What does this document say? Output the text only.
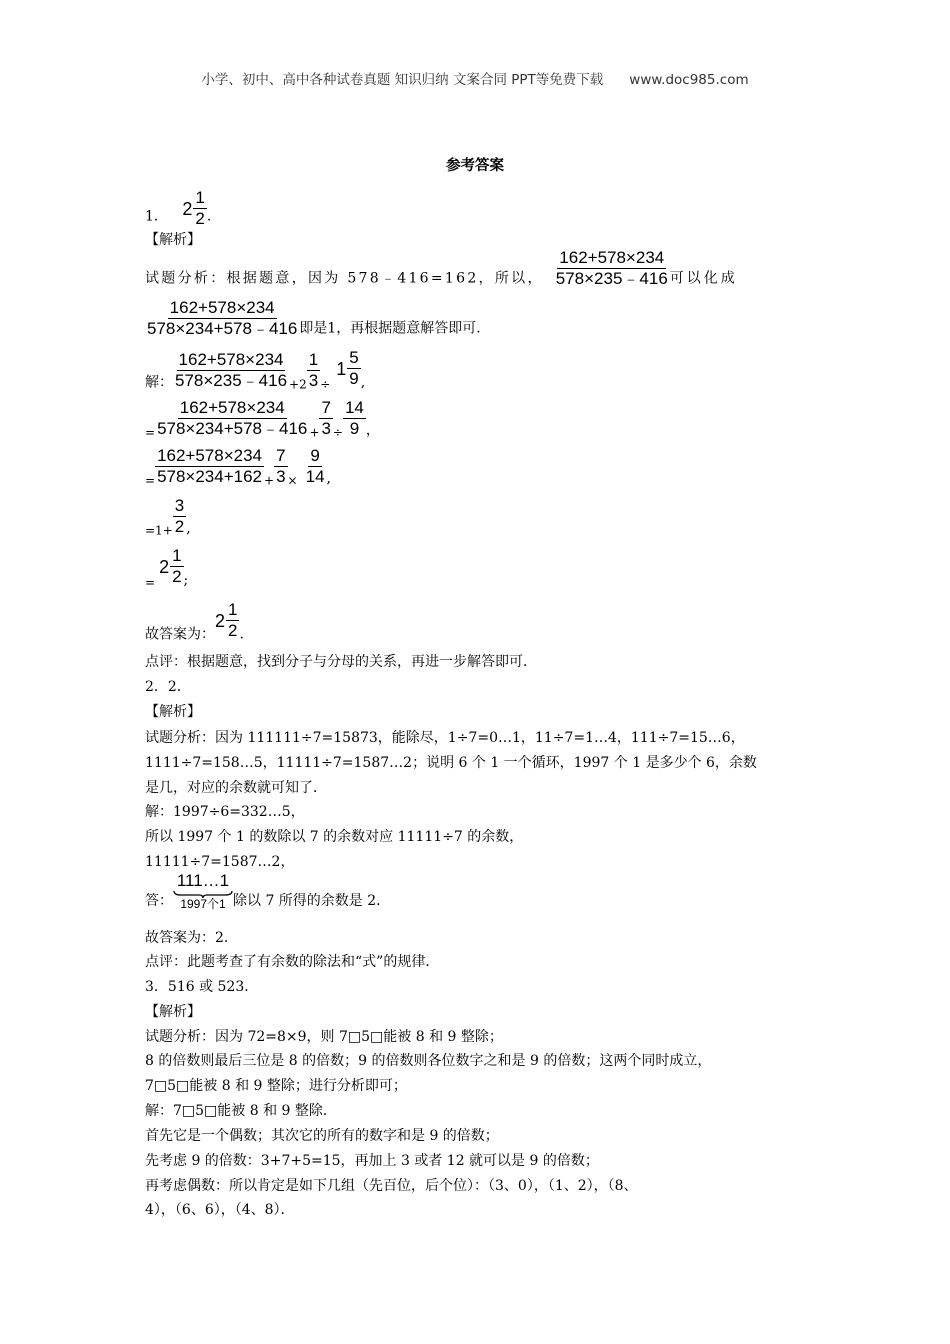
小学、初中、高中各种试卷真题 知识归纳 文案合同 PPT等免费下载 www.doc985.com
参考答案
1． $2 \frac{1}{2}$ .
【解析】
试题分析：根据题意，因为 578﹣416=162，所以， $\frac{162+578\times 234}{578\times 235﹣416}$ 可以化成
$\frac{162+578\times 234}{578\times 234+578﹣416}$ 即是1，再根据题意解答即可．
解： $\frac{162+578\times 234}{578\times 235﹣416} +2 \frac{1}{3}$ ÷
$1 \frac{5}{9}$ ,
= $\frac{162+578\times 234}{578\times 234+578﹣416} + \frac{7}{3} \div \frac{14}{9}$ ，
= $\frac{162+578\times 234}{578\times 234+162} + \frac{7}{3} \times \frac{9}{14}$ ,
$=1+ \frac{3}{2}$ ,
=
$2 \frac{1}{2}$ ;
故答案为：
$2 \frac{1}{2}$ .
点评：根据题意，找到分子与分母的关系，再进一步解答即可．
2．2．
【解析】
试题分析：因为 111111÷7=15873，能除尽，1÷7=0…1，11÷7=1…4，111÷7=15…6，
1111÷7=158…5，11111÷7=1587…2；说明 6 个 1 一个循环，1997 个 1 是多少个 6，余数
是几，对应的余数就可知了．
解：1997÷6=332…5，
所以 1997 个 1 的数除以 7 的余数对应 11111÷7 的余数，
11111÷7=1587…2，
答：
111…1
1997个1 除以 7 所得的余数是 2．
故答案为：2．
点评：此题考查了有余数的除法和“式”的规律．
3．516 或 523．
【解析】
试题分析：因为 72=8×9，则 7□5□能被 8 和 9 整除；
8 的倍数则最后三位是 8 的倍数；9 的倍数则各位数字之和是 9 的倍数；这两个同时成立，
7□5□能被 8 和 9 整除；进行分析即可；
解：7□5□能被 8 和 9 整除．
首先它是一个偶数；其次它的所有的数字和是 9 的倍数；
先考虑 9 的倍数：3+7+5=15，再加上 3 或者 12 就可以是 9 的倍数；
再考虑偶数：所以肯定是如下几组（先百位，后个位）：（3、0），（1、2），（8、
4），（6、6），（4、8）．
